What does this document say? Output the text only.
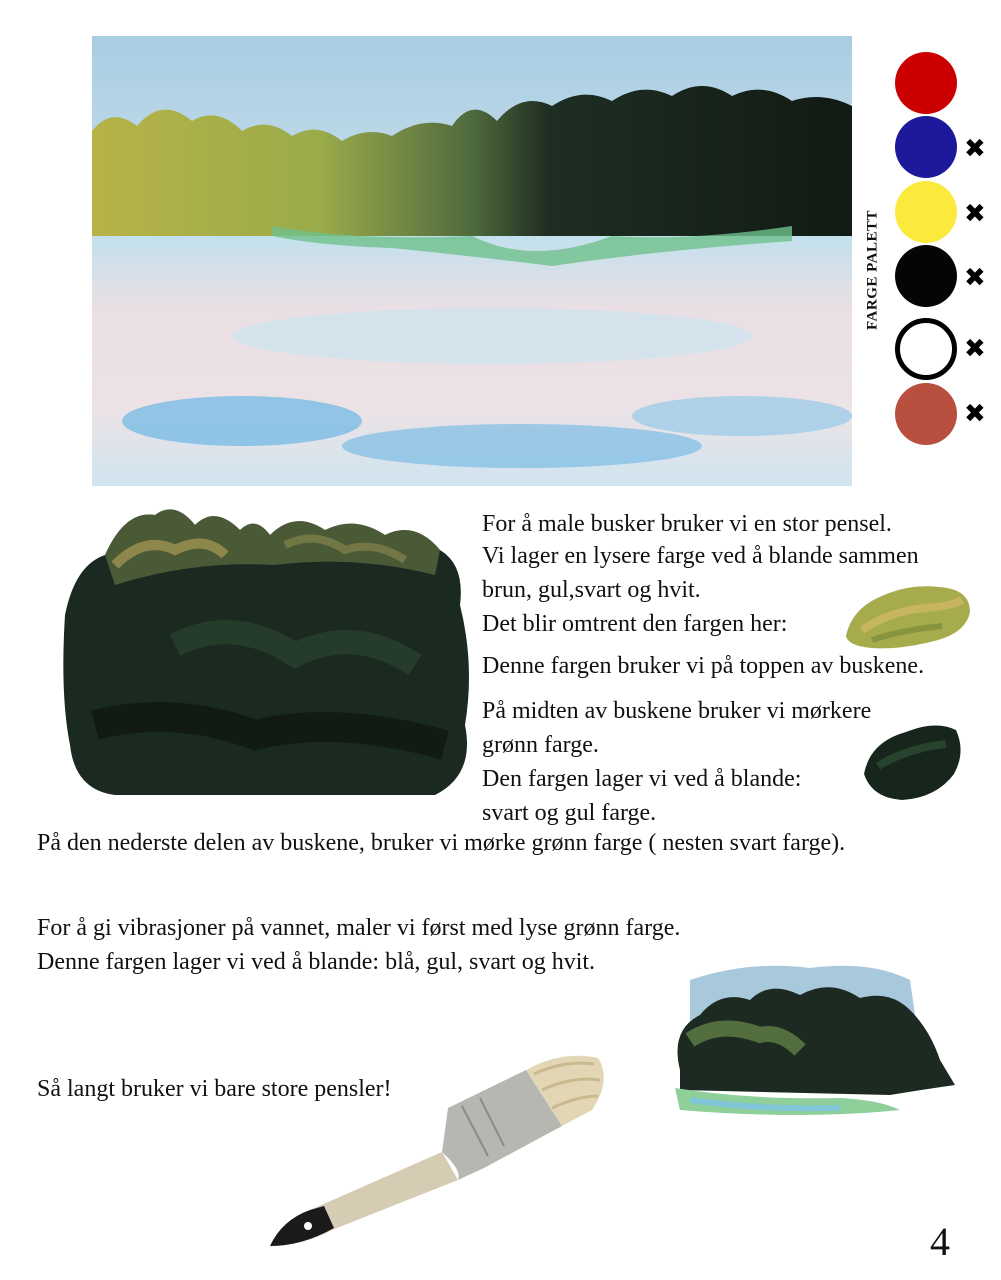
FARGE PALETT
✖
✖
✖
✖
✖
For å male busker bruker vi en stor pensel.
Vi lager en lysere farge ved å blande sammen
brun, gul,svart og hvit.
Det blir omtrent den fargen her:
Denne fargen bruker vi på toppen av buskene.
På midten av buskene bruker vi mørkere
grønn farge.
Den fargen lager vi ved å blande:
svart og gul farge.
På den nederste delen av buskene, bruker vi mørke grønn farge ( nesten svart farge).
For å gi vibrasjoner på vannet, maler vi først med lyse grønn farge.
Denne fargen lager vi ved å blande: blå, gul, svart og hvit.
Så langt bruker vi bare store pensler!
4
